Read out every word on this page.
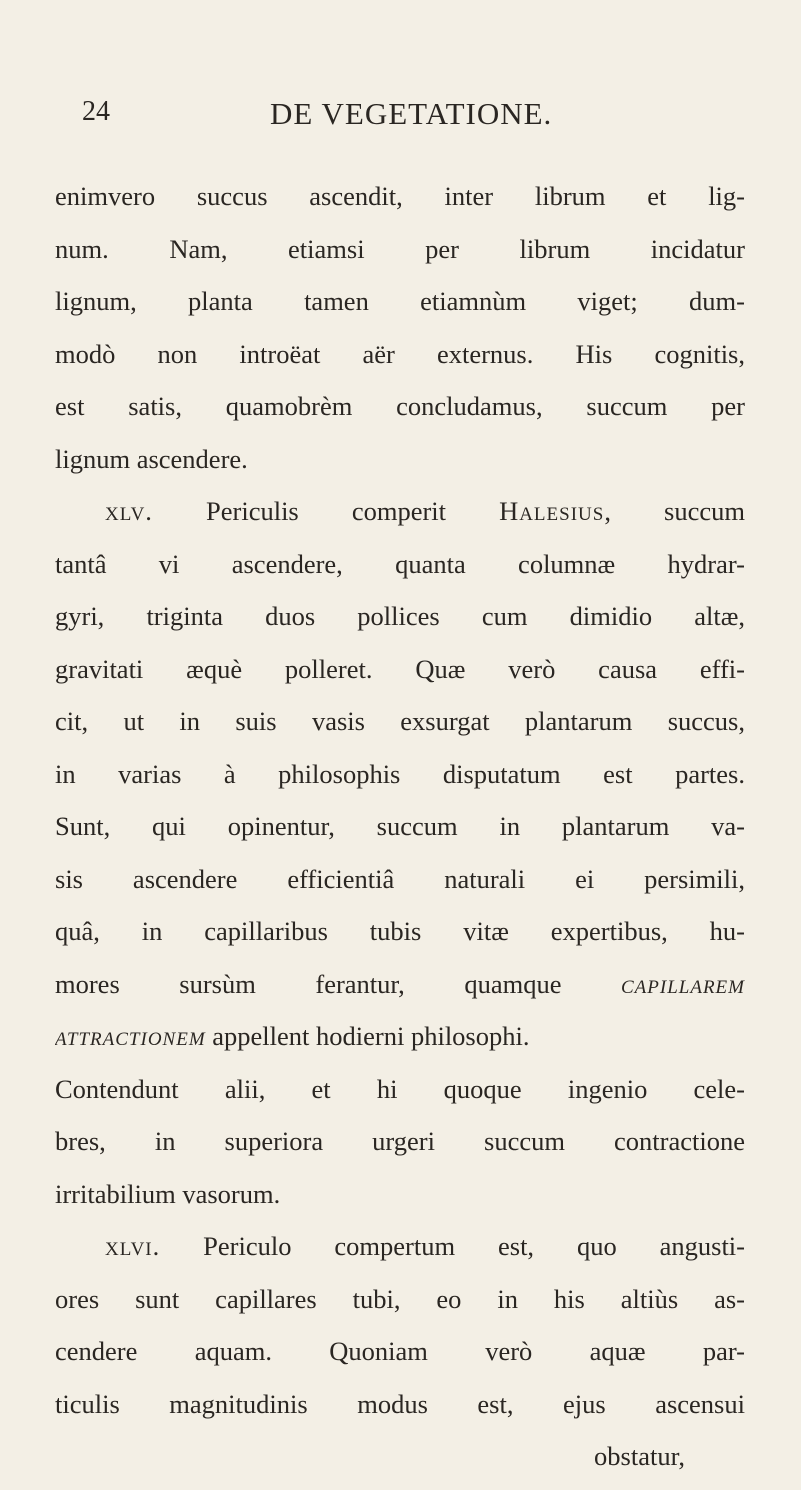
24	DE VEGETATIONE.
enimvero succus ascendit, inter librum et lig-
num. Nam, etiamsi per librum incidatur
lignum, planta tamen etiamnùm viget; dum-
modò non introëat aër externus. His cognitis,
est satis, quamobrèm concludamus, succum per
lignum ascendere.
xlv. Periculis comperit Halesius, succum
tantâ vi ascendere, quanta columnæ hydrar-
gyri, triginta duos pollices cum dimidio altæ,
gravitati æquè polleret. Quæ verò causa effi-
cit, ut in suis vasis exsurgat plantarum succus,
in varias à philosophis disputatum est partes.
Sunt, qui opinentur, succum in plantarum va-
sis ascendere efficientiâ naturali ei persimili,
quâ, in capillaribus tubis vitæ expertibus, hu-
mores sursùm ferantur, quamque CAPILLAREM
ATTRACTIONEM appellent hodierni philosophi.
Contendunt alii, et hi quoque ingenio cele-
bres, in superiora urgeri succum contractione
irritabilium vasorum.
xlvi. Periculo compertum est, quo angusti-
ores sunt capillares tubi, eo in his altiùs as-
cendere aquam. Quoniam verò aquæ par-
ticulis magnitudinis modus est, ejus ascensui
obstatur,
